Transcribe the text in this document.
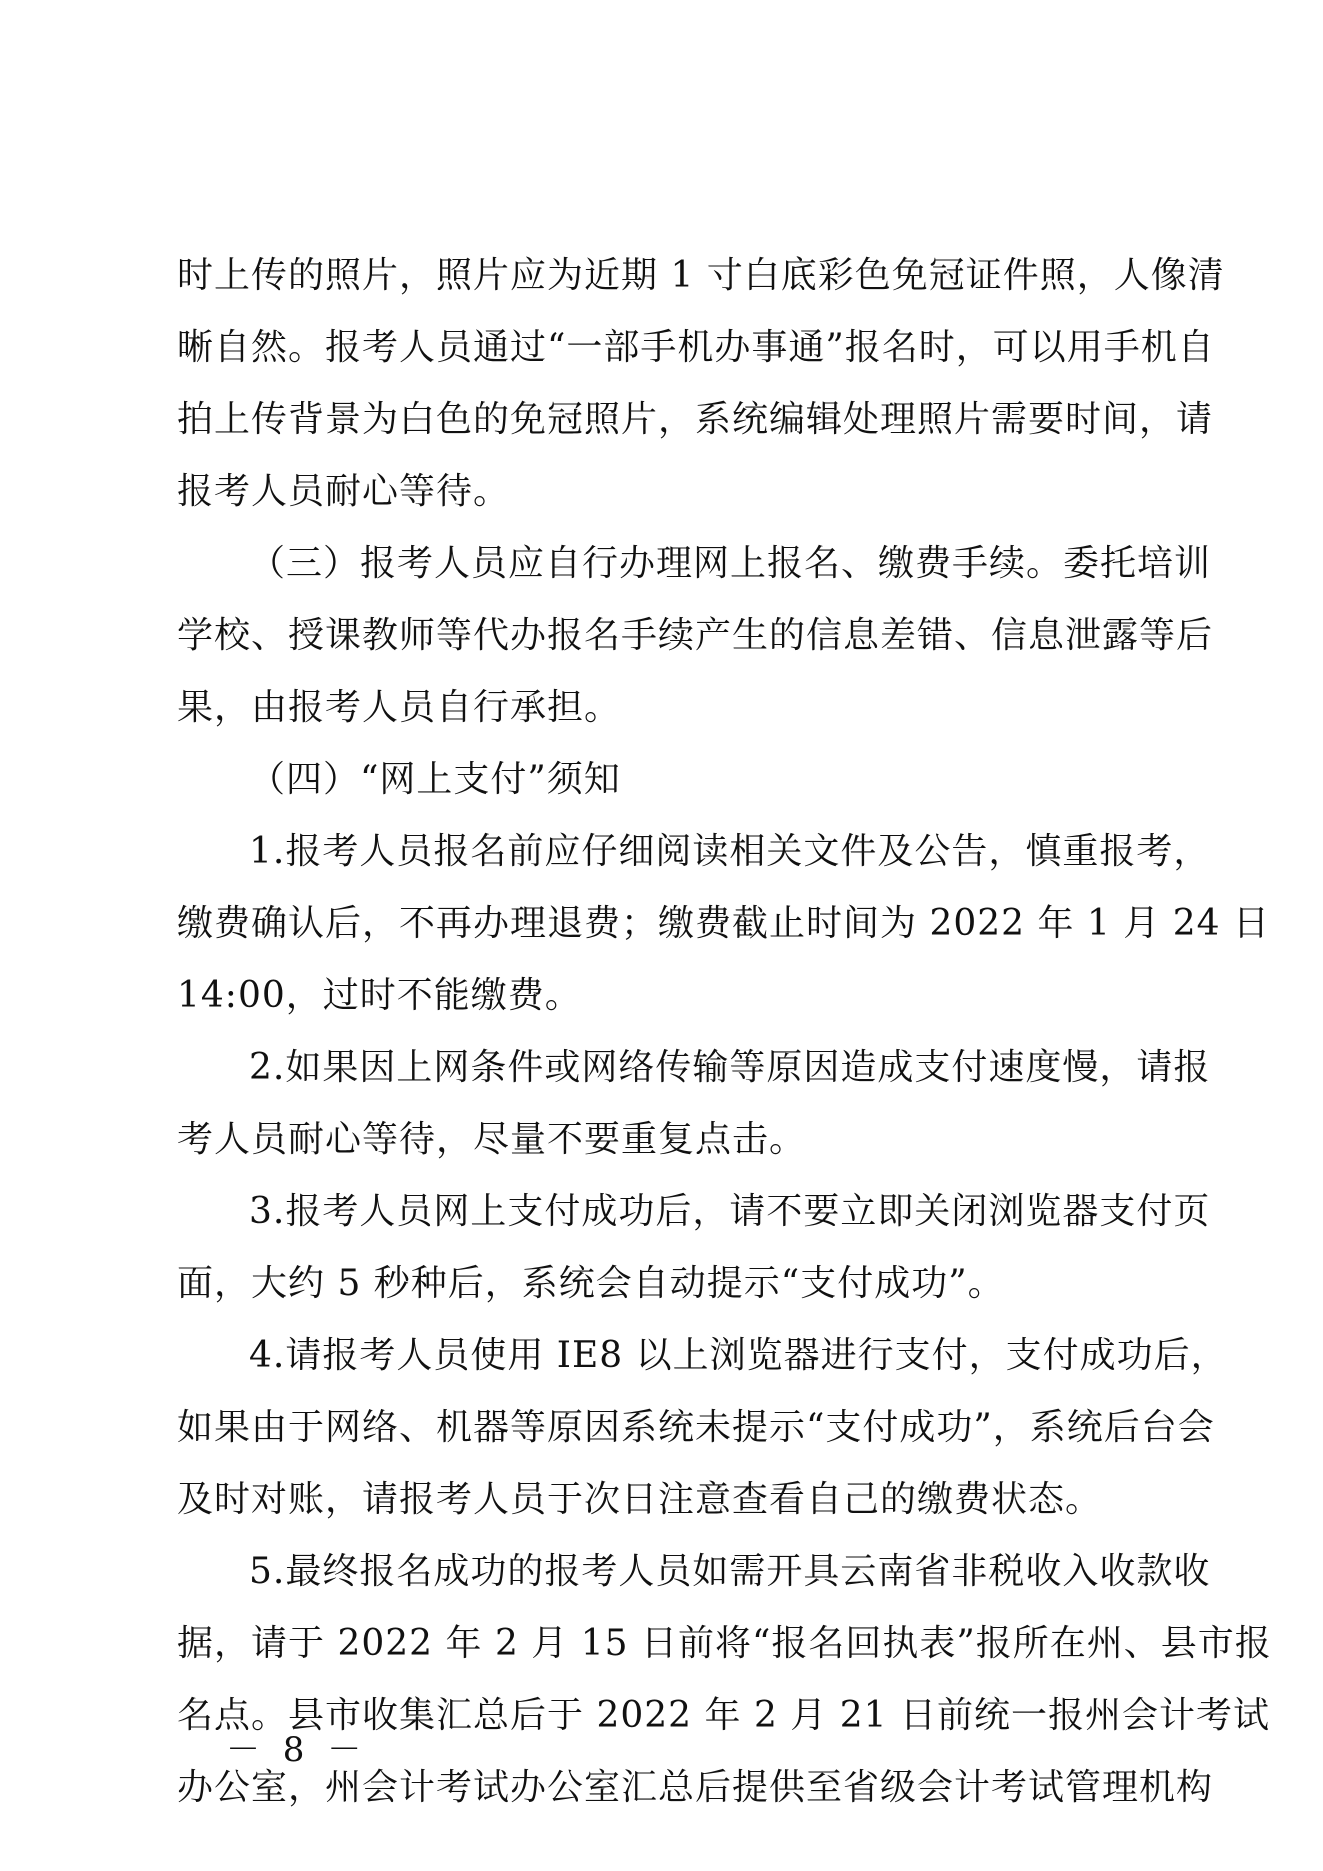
时上传的照片，照片应为近期 1 寸白底彩色免冠证件照，人像清
晰自然。报考人员通过“一部手机办事通”报名时，可以用手机自
拍上传背景为白色的免冠照片，系统编辑处理照片需要时间，请
报考人员耐心等待。
（三）报考人员应自行办理网上报名、缴费手续。委托培训
学校、授课教师等代办报名手续产生的信息差错、信息泄露等后
果，由报考人员自行承担。
（四）“网上支付”须知
1.报考人员报名前应仔细阅读相关文件及公告，慎重报考，
缴费确认后，不再办理退费；缴费截止时间为 2022 年 1 月 24 日
14:00，过时不能缴费。
2.如果因上网条件或网络传输等原因造成支付速度慢，请报
考人员耐心等待，尽量不要重复点击。
3.报考人员网上支付成功后，请不要立即关闭浏览器支付页
面，大约 5 秒种后，系统会自动提示“支付成功”。
4.请报考人员使用 IE8 以上浏览器进行支付，支付成功后，
如果由于网络、机器等原因系统未提示“支付成功”，系统后台会
及时对账，请报考人员于次日注意查看自己的缴费状态。
5.最终报名成功的报考人员如需开具云南省非税收入收款收
据，请于 2022 年 2 月 15 日前将“报名回执表”报所在州、县市报
名点。县市收集汇总后于 2022 年 2 月 21 日前统一报州会计考试
办公室，州会计考试办公室汇总后提供至省级会计考试管理机构
－ 8 －
